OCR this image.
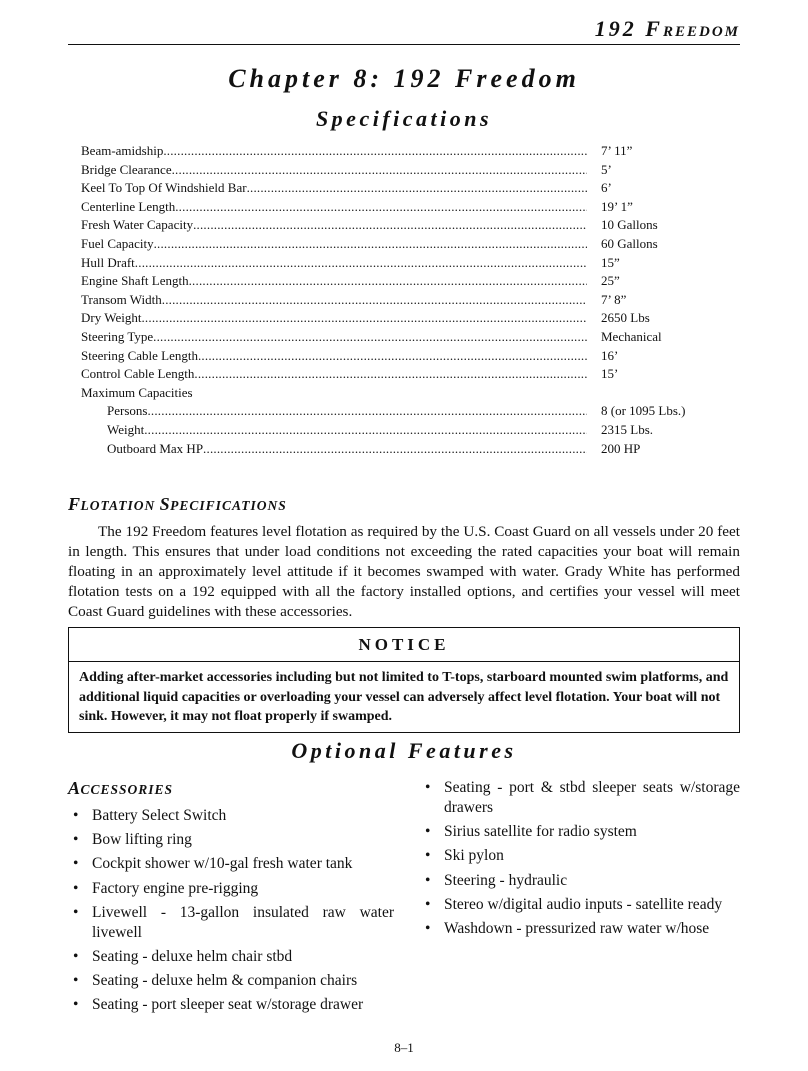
192 FREEDOM
Chapter 8: 192 Freedom
Specifications
Beam-amidship .....	7’ 11”
Bridge Clearance .....	5’
Keel To Top Of Windshield Bar .....	6’
Centerline Length .....	19’ 1”
Fresh Water Capacity .....	10 Gallons
Fuel Capacity .....	60 Gallons
Hull Draft .....	15”
Engine Shaft Length .....	25”
Transom Width .....	7’ 8”
Dry Weight .....	2650 Lbs
Steering Type .....	Mechanical
Steering Cable Length .....	16’
Control Cable Length .....	15’
Maximum Capacities
Persons .....	8 (or 1095 Lbs.)
Weight .....	2315 Lbs.
Outboard Max HP .....	200 HP
FLOTATION SPECIFICATIONS
The 192 Freedom features level flotation as required by the U.S. Coast Guard on all vessels under 20 feet in length. This ensures that under load conditions not exceeding the rated capacities your boat will remain floating in an approximately level attitude if it becomes swamped with water. Grady White has performed flotation tests on a 192 equipped with all the factory installed options, and certifies your vessel will meet Coast Guard guidelines with these accessories.
NOTICE
Adding after-market accessories including but not limited to T-tops, starboard mounted swim platforms, and additional liquid capacities or overloading your vessel can adversely affect level flotation. Your boat will not sink. However, it may not float properly if swamped.
Optional Features
ACCESSORIES
• Battery Select Switch
• Bow lifting ring
• Cockpit shower w/10-gal fresh water tank
• Factory engine pre-rigging
• Livewell - 13-gallon insulated raw water livewell
• Seating - deluxe helm chair stbd
• Seating - deluxe helm & companion chairs
• Seating - port sleeper seat w/storage drawer
• Seating - port & stbd sleeper seats w/storage drawers
• Sirius satellite for radio system
• Ski pylon
• Steering - hydraulic
• Stereo w/digital audio inputs - satellite ready
• Washdown - pressurized raw water w/hose
8–1
